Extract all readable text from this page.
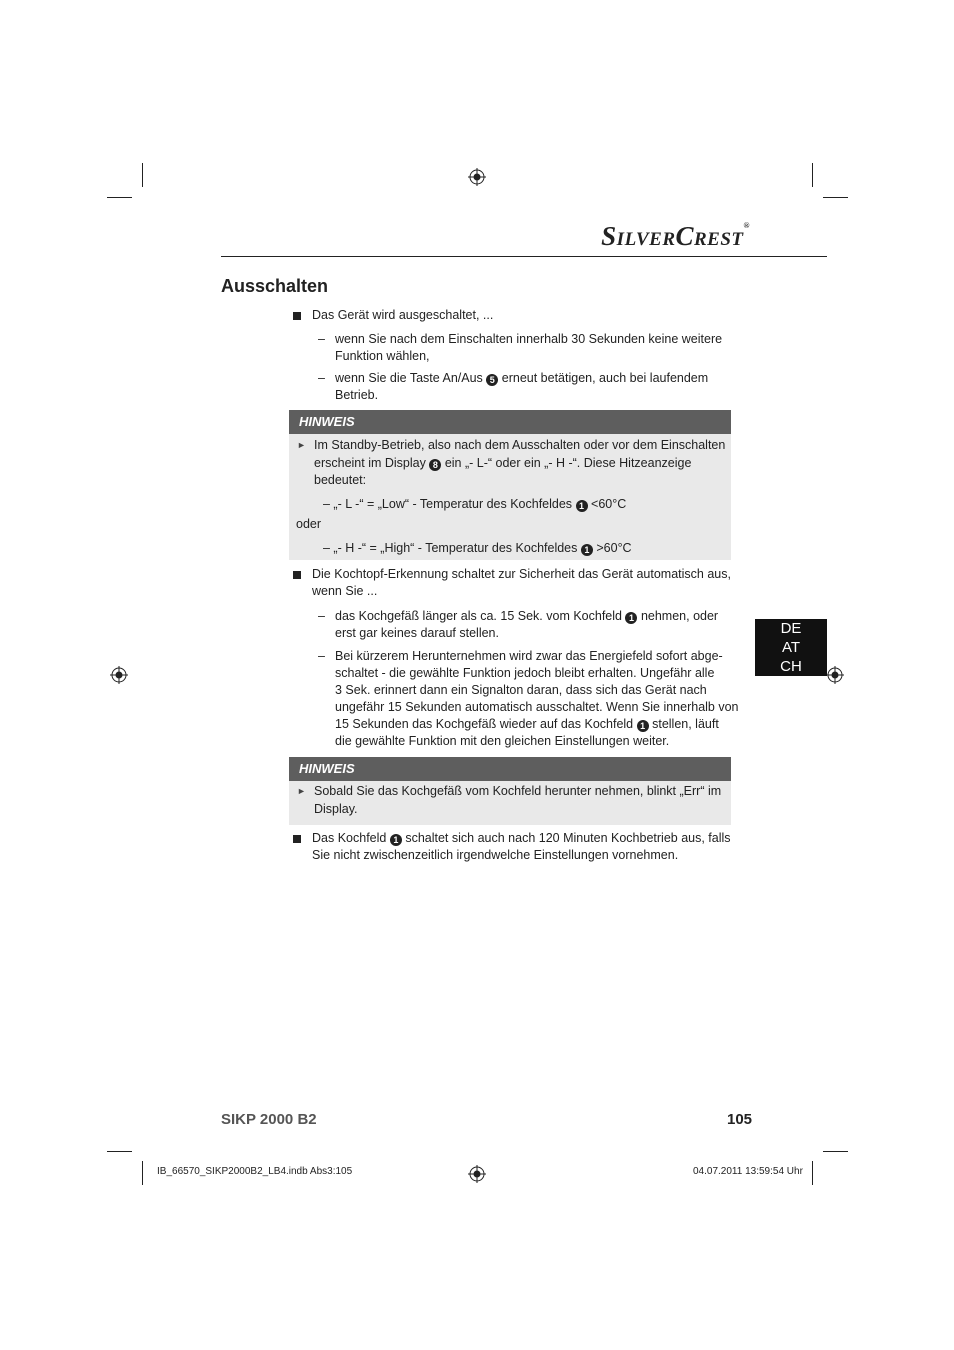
SilverCrest®
Ausschalten
Das Gerät wird ausgeschaltet, ...
– wenn Sie nach dem Einschalten innerhalb 30 Sekunden keine weitere
Funktion wählen,
– wenn Sie die Taste An/Aus 5 erneut betätigen, auch bei laufendem
Betrieb.
HINWEIS
► Im Standby-Betrieb, also nach dem Ausschalten oder vor dem Einschalten
erscheint im Display 8 ein „- L-“ oder ein „- H -“. Diese Hitzeanzeige
bedeutet:
– „- L -“ = „Low“ - Temperatur des Kochfeldes 1 <60°C
oder
– „- H -“ = „High“ - Temperatur des Kochfeldes 1 >60°C
Die Kochtopf-Erkennung schaltet zur Sicherheit das Gerät automatisch aus,
wenn Sie ...
– das Kochgefäß länger als ca. 15 Sek. vom Kochfeld 1 nehmen, oder
erst gar keines darauf stellen.
– Bei kürzerem Herunternehmen wird zwar das Energiefeld sofort abge-
schaltet - die gewählte Funktion jedoch bleibt erhalten. Ungefähr alle
3 Sek. erinnert dann ein Signalton daran, dass sich das Gerät nach
ungefähr 15 Sekunden automatisch ausschaltet. Wenn Sie innerhalb von
15 Sekunden das Kochgefäß wieder auf das Kochfeld 1 stellen, läuft
die gewählte Funktion mit den gleichen Einstellungen weiter.
HINWEIS
► Sobald Sie das Kochgefäß vom Kochfeld herunter nehmen, blinkt „Err“ im
Display.
Das Kochfeld 1 schaltet sich auch nach 120 Minuten Kochbetrieb aus, falls
Sie nicht zwischenzeitlich irgendwelche Einstellungen vornehmen.
DE
AT
CH
SIKP 2000 B2	105
IB_66570_SIKP2000B2_LB4.indb Abs3:105	04.07.2011 13:59:54 Uhr
